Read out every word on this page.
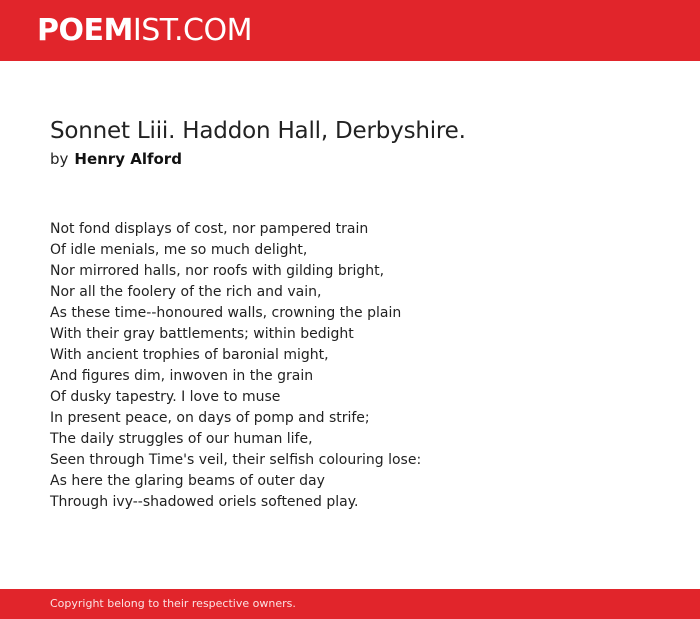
POEMIST.COM
Sonnet Liii. Haddon Hall, Derbyshire.
by Henry Alford
Not fond displays of cost, nor pampered train
Of idle menials, me so much delight,
Nor mirrored halls, nor roofs with gilding bright,
Nor all the foolery of the rich and vain,
As these time--honoured walls, crowning the plain
With their gray battlements; within bedight
With ancient trophies of baronial might,
And figures dim, inwoven in the grain
Of dusky tapestry. I love to muse
In present peace, on days of pomp and strife;
The daily struggles of our human life,
Seen through Time's veil, their selfish colouring lose:
As here the glaring beams of outer day
Through ivy--shadowed oriels softened play.
Copyright belong to their respective owners.
